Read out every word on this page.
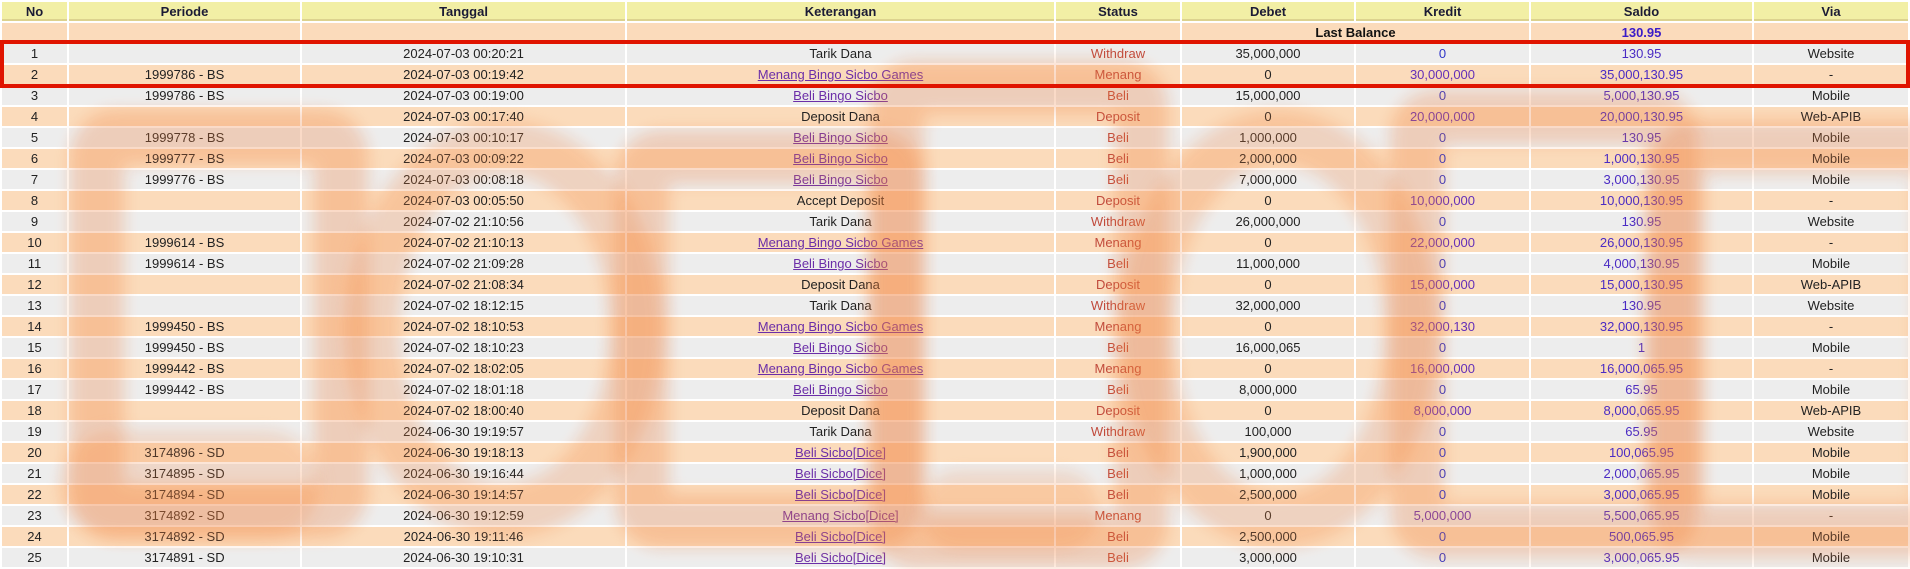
No	Periode	Tanggal	Keterangan	Status	Debet	Kredit	Saldo	Via
					Last Balance		130.95	
1		2024-07-03 00:20:21	Tarik Dana	Withdraw	35,000,000	0	130.95	Website
2	1999786 - BS	2024-07-03 00:19:42	Menang Bingo Sicbo Games	Menang	0	30,000,000	35,000,130.95	-
3	1999786 - BS	2024-07-03 00:19:00	Beli Bingo Sicbo	Beli	15,000,000	0	5,000,130.95	Mobile
4		2024-07-03 00:17:40	Deposit Dana	Deposit	0	20,000,000	20,000,130.95	Web-APIB
5	1999778 - BS	2024-07-03 00:10:17	Beli Bingo Sicbo	Beli	1,000,000	0	130.95	Mobile
6	1999777 - BS	2024-07-03 00:09:22	Beli Bingo Sicbo	Beli	2,000,000	0	1,000,130.95	Mobile
7	1999776 - BS	2024-07-03 00:08:18	Beli Bingo Sicbo	Beli	7,000,000	0	3,000,130.95	Mobile
8		2024-07-03 00:05:50	Accept Deposit	Deposit	0	10,000,000	10,000,130.95	-
9		2024-07-02 21:10:56	Tarik Dana	Withdraw	26,000,000	0	130.95	Website
10	1999614 - BS	2024-07-02 21:10:13	Menang Bingo Sicbo Games	Menang	0	22,000,000	26,000,130.95	-
11	1999614 - BS	2024-07-02 21:09:28	Beli Bingo Sicbo	Beli	11,000,000	0	4,000,130.95	Mobile
12		2024-07-02 21:08:34	Deposit Dana	Deposit	0	15,000,000	15,000,130.95	Web-APIB
13		2024-07-02 18:12:15	Tarik Dana	Withdraw	32,000,000	0	130.95	Website
14	1999450 - BS	2024-07-02 18:10:53	Menang Bingo Sicbo Games	Menang	0	32,000,130	32,000,130.95	-
15	1999450 - BS	2024-07-02 18:10:23	Beli Bingo Sicbo	Beli	16,000,065	0	1	Mobile
16	1999442 - BS	2024-07-02 18:02:05	Menang Bingo Sicbo Games	Menang	0	16,000,000	16,000,065.95	-
17	1999442 - BS	2024-07-02 18:01:18	Beli Bingo Sicbo	Beli	8,000,000	0	65.95	Mobile
18		2024-07-02 18:00:40	Deposit Dana	Deposit	0	8,000,000	8,000,065.95	Web-APIB
19		2024-06-30 19:19:57	Tarik Dana	Withdraw	100,000	0	65.95	Website
20	3174896 - SD	2024-06-30 19:18:13	Beli Sicbo[Dice]	Beli	1,900,000	0	100,065.95	Mobile
21	3174895 - SD	2024-06-30 19:16:44	Beli Sicbo[Dice]	Beli	1,000,000	0	2,000,065.95	Mobile
22	3174894 - SD	2024-06-30 19:14:57	Beli Sicbo[Dice]	Beli	2,500,000	0	3,000,065.95	Mobile
23	3174892 - SD	2024-06-30 19:12:59	Menang Sicbo[Dice]	Menang	0	5,000,000	5,500,065.95	-
24	3174892 - SD	2024-06-30 19:11:46	Beli Sicbo[Dice]	Beli	2,500,000	0	500,065.95	Mobile
25	3174891 - SD	2024-06-30 19:10:31	Beli Sicbo[Dice]	Beli	3,000,000	0	3,000,065.95	Mobile
